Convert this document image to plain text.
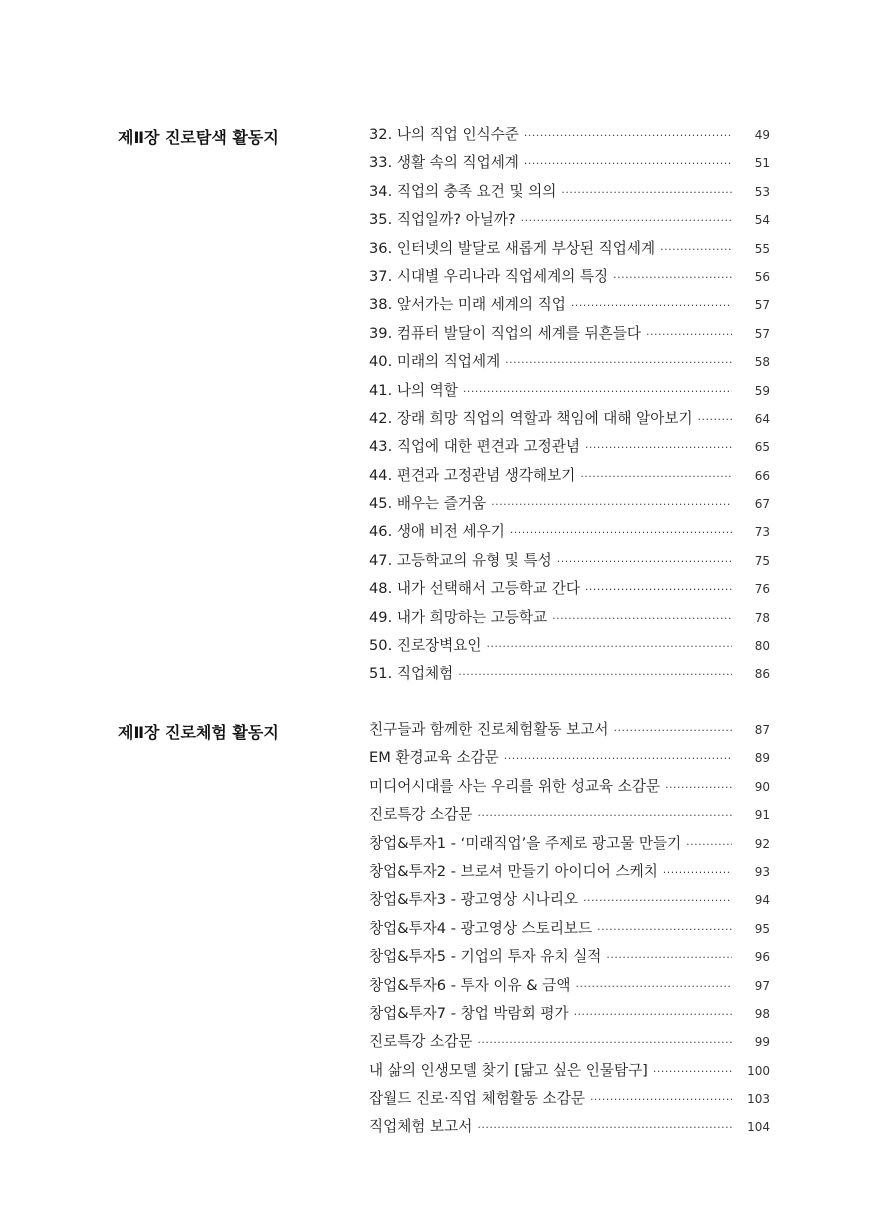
제Ⅱ장 진로탐색 활동지	32. 나의 직업 인식수준 ·····	49
33. 생활 속의 직업세계 ·····	51
34. 직업의 충족 요건 및 의의 ·····	53
35. 직업일까? 아닐까? ·····	54
36. 인터넷의 발달로 새롭게 부상된 직업세계 ·····	55
37. 시대별 우리나라 직업세계의 특징 ·····	56
38. 앞서가는 미래 세계의 직업 ·····	57
39. 컴퓨터 발달이 직업의 세계를 뒤흔들다 ·····	57
40. 미래의 직업세계 ·····	58
41. 나의 역할 ·····	59
42. 장래 희망 직업의 역할과 책임에 대해 알아보기 ·····	64
43. 직업에 대한 편견과 고정관념 ·····	65
44. 편견과 고정관념 생각해보기 ·····	66
45. 배우는 즐거움 ·····	67
46. 생애 비전 세우기 ·····	73
47. 고등학교의 유형 및 특성 ·····	75
48. 내가 선택해서 고등학교 간다 ·····	76
49. 내가 희망하는 고등학교 ·····	78
50. 진로장벽요인 ·····	80
51. 직업체험 ·····	86
제Ⅱ장 진로체험 활동지	친구들과 함께한 진로체험활동 보고서 ·····	87
EM 환경교육 소감문 ·····	89
미디어시대를 사는 우리를 위한 성교육 소감문 ·····	90
진로특강 소감문 ·····	91
창업&투자1 - ‘미래직업’을 주제로 광고물 만들기 ·····	92
창업&투자2 - 브로셔 만들기 아이디어 스케치 ·····	93
창업&투자3 - 광고영상 시나리오 ·····	94
창업&투자4 - 광고영상 스토리보드 ·····	95
창업&투자5 - 기업의 투자 유치 실적 ·····	96
창업&투자6 - 투자 이유 & 금액 ·····	97
창업&투자7 - 창업 박람회 평가 ·····	98
진로특강 소감문 ·····	99
내 삶의 인생모델 찾기 [닮고 싶은 인물탐구] ·····	100
잡월드 진로·직업 체험활동 소감문 ·····	103
직업체험 보고서 ·····	104
